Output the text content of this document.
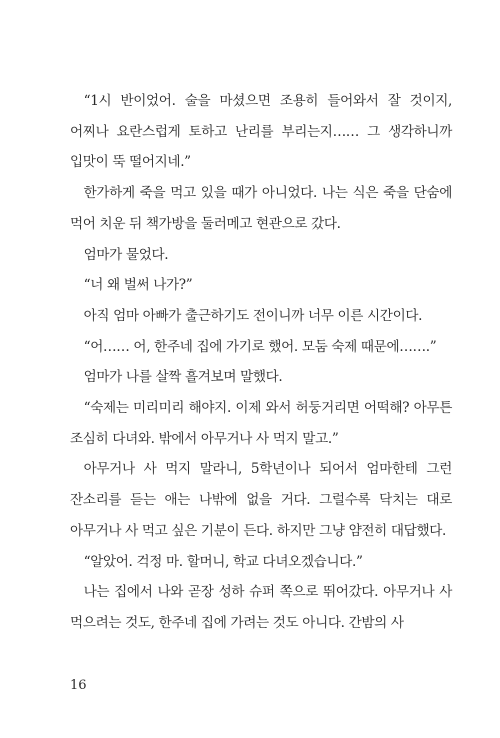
“1시 반이었어. 술을 마셨으면 조용히 들어와서 잘 것이지, 어찌나 요란스럽게 토하고 난리를 부리는지…… 그 생각하니까 입맛이 뚝 떨어지네.”

한가하게 죽을 먹고 있을 때가 아니었다. 나는 식은 죽을 단숨에 먹어 치운 뒤 책가방을 둘러메고 현관으로 갔다.

엄마가 물었다.

“너 왜 벌써 나가?”

아직 엄마 아빠가 출근하기도 전이니까 너무 이른 시간이다.

“어…… 어, 한주네 집에 가기로 했어. 모둠 숙제 때문에…….”

엄마가 나를 살짝 흘겨보며 말했다.

“숙제는 미리미리 해야지. 이제 와서 허둥거리면 어떡해? 아무튼 조심히 다녀와. 밖에서 아무거나 사 먹지 말고.”

아무거나 사 먹지 말라니, 5학년이나 되어서 엄마한테 그런 잔소리를 듣는 애는 나밖에 없을 거다. 그럴수록 닥치는 대로 아무거나 사 먹고 싶은 기분이 든다. 하지만 그냥 얌전히 대답했다.

“알았어. 걱정 마. 할머니, 학교 다녀오겠습니다.”

나는 집에서 나와 곧장 성하 슈퍼 쪽으로 뛰어갔다. 아무거나 사 먹으려는 것도, 한주네 집에 가려는 것도 아니다. 간밤의 사

16
